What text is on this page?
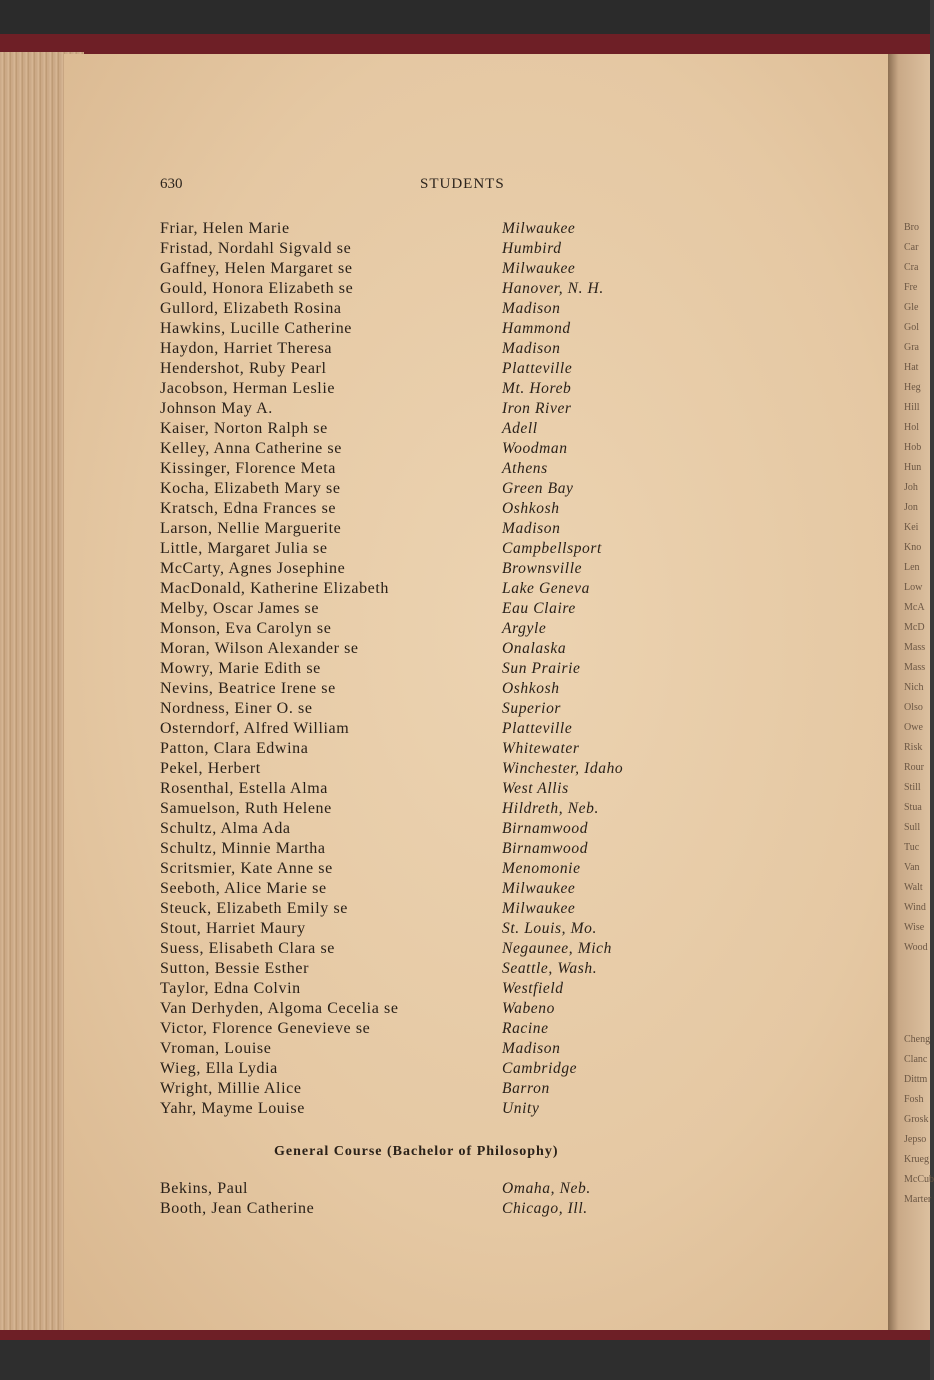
Bro
Car
Cra
Fre
Gle
Gol
Gra
Hat
Heg
Hill
Hol
Hob
Hun
Joh
Jon
Kei
Kno
Len
Low
McA
McD
Mass
Mass
Nich
Olso
Owe
Risk
Rour
Still
Stua
Sull
Tuc
Van
Walt
Wind
Wise
Wood
Cheng
Clanc
Dittm
Fosh
Grosk
Jepso
Krueg
McCub
Marter
630	STUDENTS
Friar, Helen Marie	Milwaukee
Fristad, Nordahl Sigvald se	Humbird
Gaffney, Helen Margaret se	Milwaukee
Gould, Honora Elizabeth se	Hanover, N. H.
Gullord, Elizabeth Rosina	Madison
Hawkins, Lucille Catherine	Hammond
Haydon, Harriet Theresa	Madison
Hendershot, Ruby Pearl	Platteville
Jacobson, Herman Leslie	Mt. Horeb
Johnson May A.	Iron River
Kaiser, Norton Ralph se	Adell
Kelley, Anna Catherine se	Woodman
Kissinger, Florence Meta	Athens
Kocha, Elizabeth Mary se	Green Bay
Kratsch, Edna Frances se	Oshkosh
Larson, Nellie Marguerite	Madison
Little, Margaret Julia se	Campbellsport
McCarty, Agnes Josephine	Brownsville
MacDonald, Katherine Elizabeth	Lake Geneva
Melby, Oscar James se	Eau Claire
Monson, Eva Carolyn se	Argyle
Moran, Wilson Alexander se	Onalaska
Mowry, Marie Edith se	Sun Prairie
Nevins, Beatrice Irene se	Oshkosh
Nordness, Einer O. se	Superior
Osterndorf, Alfred William	Platteville
Patton, Clara Edwina	Whitewater
Pekel, Herbert	Winchester, Idaho
Rosenthal, Estella Alma	West Allis
Samuelson, Ruth Helene	Hildreth, Neb.
Schultz, Alma Ada	Birnamwood
Schultz, Minnie Martha	Birnamwood
Scritsmier, Kate Anne se	Menomonie
Seeboth, Alice Marie se	Milwaukee
Steuck, Elizabeth Emily se	Milwaukee
Stout, Harriet Maury	St. Louis, Mo.
Suess, Elisabeth Clara se	Negaunee, Mich
Sutton, Bessie Esther	Seattle, Wash.
Taylor, Edna Colvin	Westfield
Van Derhyden, Algoma Cecelia se	Wabeno
Victor, Florence Genevieve se	Racine
Vroman, Louise	Madison
Wieg, Ella Lydia	Cambridge
Wright, Millie Alice	Barron
Yahr, Mayme Louise	Unity
General Course (Bachelor of Philosophy)
Bekins, Paul	Omaha, Neb.
Booth, Jean Catherine	Chicago, Ill.
